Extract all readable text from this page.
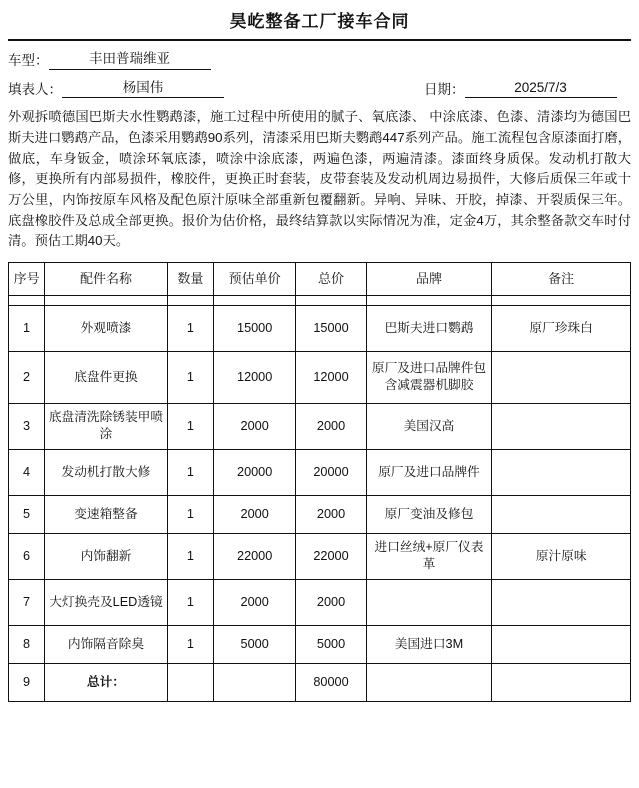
昊屹整备工厂接车合同
车型：	丰田普瑞维亚
填表人：	杨国伟	日期：	2025/7/3
外观拆喷德国巴斯夫水性鹦鹉漆，施工过程中所使用的腻子、氧底漆、 中涂底漆、色漆、清漆均为德国巴斯夫进口鹦鹉产品，色漆采用鹦鹉90系列，清漆采用巴斯夫鹦鹉447系列产品。施工流程包含原漆面打磨，做底，车身钣金，喷涂环氧底漆，喷涂中涂底漆，两遍色漆，两遍清漆。漆面终身质保。发动机打散大修，更换所有内部易损件，橡胶件，更换正时套装，皮带套装及发动机周边易损件，大修后质保三年或十万公里，内饰按原车风格及配色原汁原味全部重新包覆翻新。异响、异味、开胶，掉漆、开裂质保三年。底盘橡胶件及总成全部更换。报价为估价格，最终结算款以实际情况为准，定金4万，其余整备款交车时付清。预估工期40天。
序号	配件名称	数量	预估单价	总价	品牌	备注

1	外观喷漆	1	15000	15000	巴斯夫进口鹦鹉	原厂珍珠白
2	底盘件更换	1	12000	12000	原厂及进口品牌件包含减震器机脚胶	
3	底盘清洗除锈装甲喷涂	1	2000	2000	美国汉高	
4	发动机打散大修	1	20000	20000	原厂及进口品牌件	
5	变速箱整备	1	2000	2000	原厂变油及修包	
6	内饰翻新	1	22000	22000	进口丝绒+原厂仪表革	原汁原味
7	大灯换壳及LED透镜	1	2000	2000		
8	内饰隔音除臭	1	5000	5000	美国进口3M	
9	总计：			80000		
